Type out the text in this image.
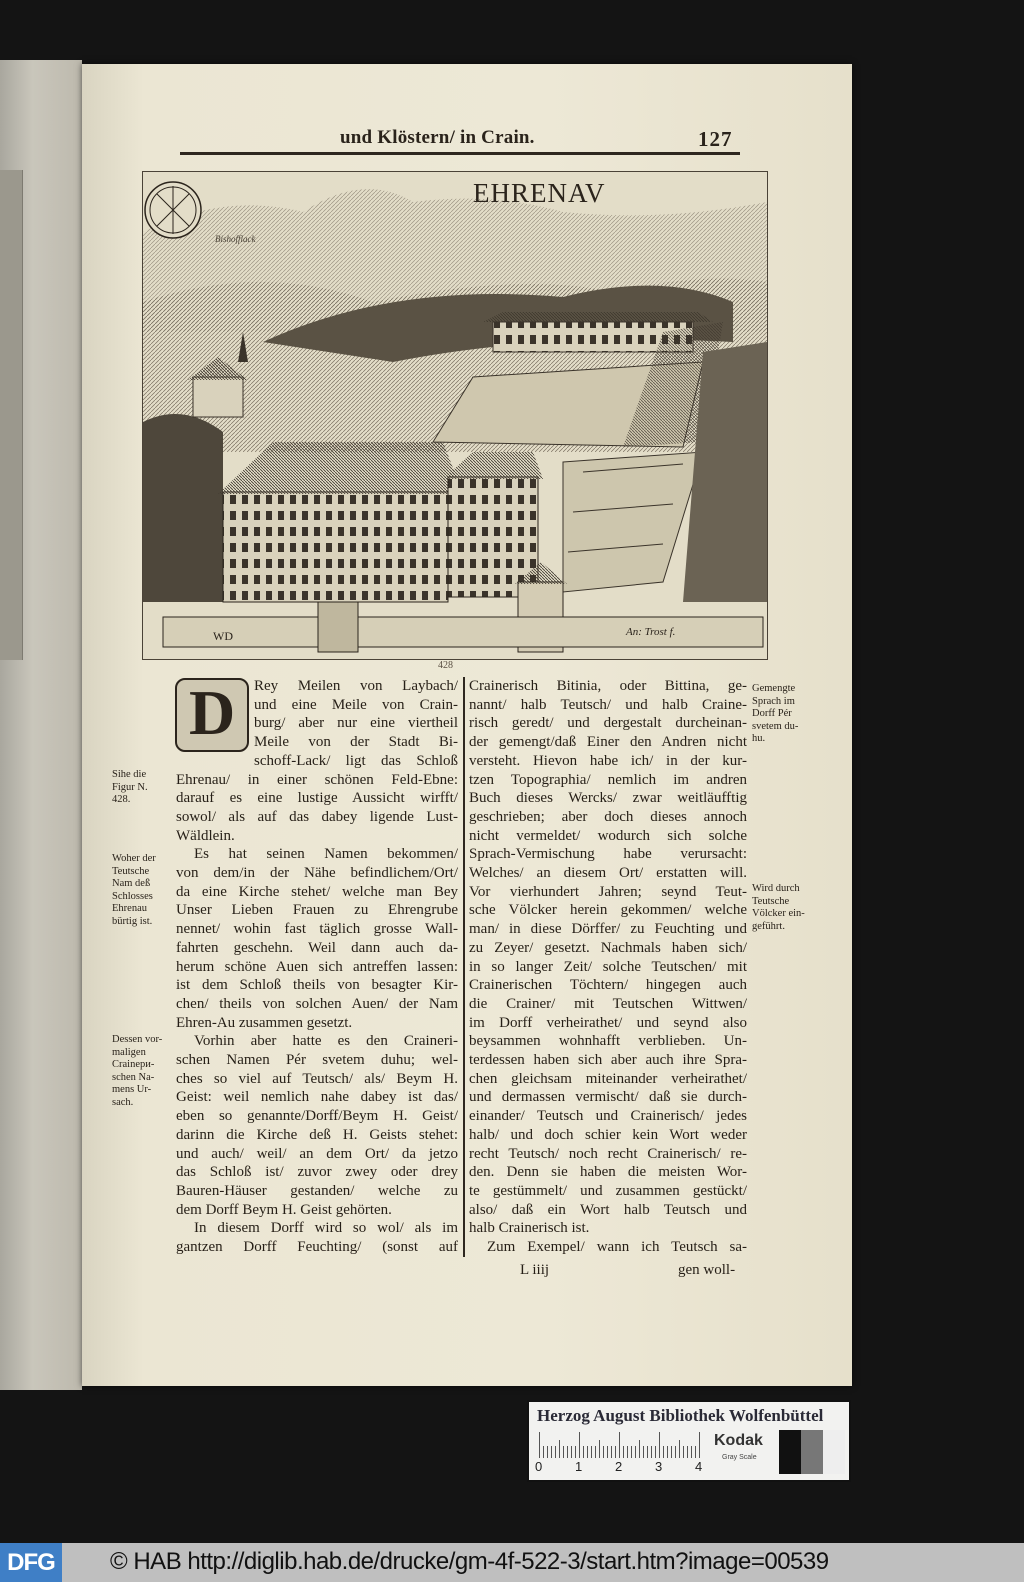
und Klöstern/ in Crain.	127
EHRENAV
Bishofflack
WD	An: Trost f.
428
D	Rey Meilen von Laybach/
und eine Meile von Crain-
burg/ aber nur eine viertheil
Meile von der Stadt Bi-
schoff-Lack/ ligt das Schloß
Ehrenau/ in einer schönen Feld-Ebne:
darauf es eine lustige Aussicht wirfft/
sowol/ als auf das dabey ligende Lust-
Wäldlein.
Es hat seinen Namen bekommen/
von dem/in der Nähe befindlichem/Ort/
da eine Kirche stehet/ welche man Bey
Unser Lieben Frauen zu Ehrengrube
nennet/ wohin fast täglich grosse Wall-
fahrten geschehn. Weil dann auch da-
herum schöne Auen sich antreffen lassen:
ist dem Schloß theils von besagter Kir-
chen/ theils von solchen Auen/ der Nam
Ehren-Au zusammen gesetzt.
Vorhin aber hatte es den Craineri-
schen Namen Pér svetem duhu; wel-
ches so viel auf Teutsch/ als/ Beym H.
Geist: weil nemlich nahe dabey ist das/
eben so genannte/Dorff/Beym H. Geist/
darinn die Kirche deß H. Geists stehet:
und auch/ weil/ an dem Ort/ da jetzo
das Schloß ist/ zuvor zwey oder drey
Bauren-Häuser gestanden/ welche zu
dem Dorff Beym H. Geist gehörten.
In diesem Dorff wird so wol/ als im
gantzen Dorff Feuchting/ (sonst auf
Crainerisch Bitinia, oder Bittina, ge-
nannt/ halb Teutsch/ und halb Craine-
risch geredt/ und dergestalt durcheinan-
der gemengt/daß Einer den Andren nicht
versteht. Hievon habe ich/ in der kur-
tzen Topographia/ nemlich im andren
Buch dieses Wercks/ zwar weitläufftig
geschrieben; aber doch dieses annoch
nicht vermeldet/ wodurch sich solche
Sprach-Vermischung habe verursacht:
Welches/ an diesem Ort/ erstatten will.
Vor vierhundert Jahren; seynd Teut-
sche Völcker herein gekommen/ welche
man/ in diese Dörffer/ zu Feuchting und
zu Zeyer/ gesetzt. Nachmals haben sich/
in so langer Zeit/ solche Teutschen/ mit
Crainerischen Töchtern/ hingegen auch
die Crainer/ mit Teutschen Wittwen/
im Dorff verheirathet/ und seynd also
beysammen wohnhafft verblieben. Un-
terdessen haben sich aber auch ihre Spra-
chen gleichsam miteinander verheirathet/
und dermassen vermischt/ daß sie durch-
einander/ Teutsch und Crainerisch/ jedes
halb/ und doch schier kein Wort weder
recht Teutsch/ noch recht Crainerisch/ re-
den. Denn sie haben die meisten Wor-
te gestümmelt/ und zusammen gestückt/
also/ daß ein Wort halb Teutsch und
halb Crainerisch ist.
Zum Exempel/ wann ich Teutsch sa-
Sihe die
Figur N.
428.
Woher der
Teutsche
Nam deß
Schlosses
Ehrenau
bürtig ist.
Dessen vor-
maligen
Crainери-
schen Na-
mens Ur-
sach.
Gemengte
Sprach im
Dorff Pér
svetem du-
hu.
Wird durch
Teutsche
Völcker ein-
geführt.
L iiij	gen woll-
Herzog August Bibliothek Wolfenbüttel
0	1	2	3	4
Kodak
Gray Scale
DFG © HAB http://diglib.hab.de/drucke/gm-4f-522-3/start.htm?image=00539
